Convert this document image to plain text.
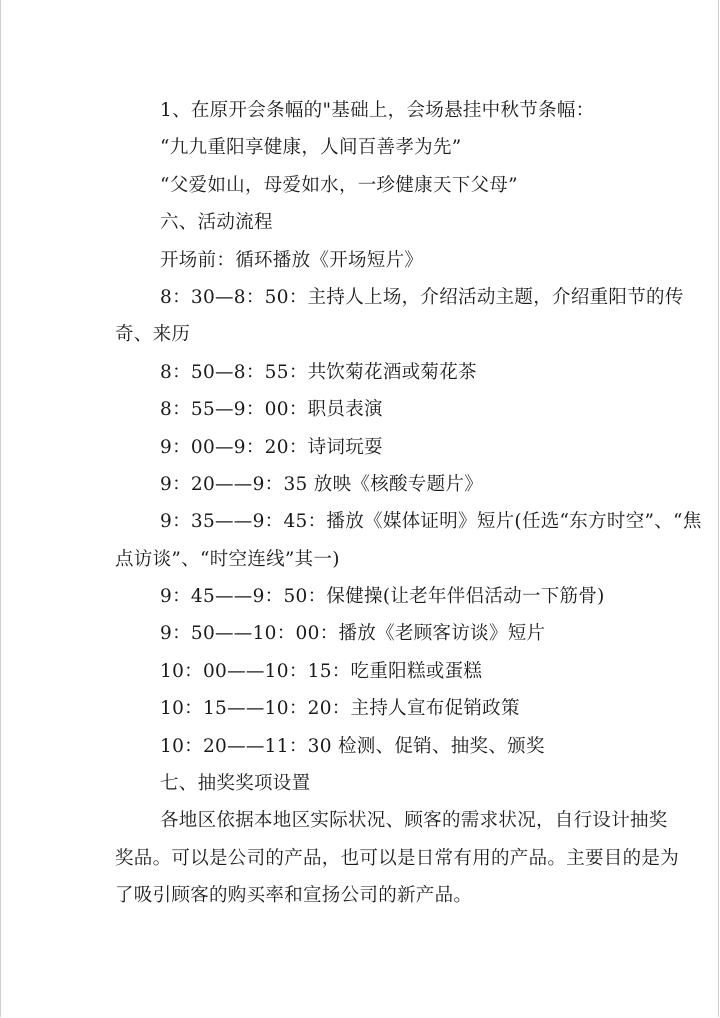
1、在原开会条幅的"基础上，会场悬挂中秋节条幅：
“九九重阳享健康，人间百善孝为先”
“父爱如山，母爱如水，一珍健康天下父母”
六、活动流程
开场前：循环播放《开场短片》
8：30—8：50：主持人上场，介绍活动主题，介绍重阳节的传
奇、来历
8：50—8：55：共饮菊花酒或菊花茶
8：55—9：00：职员表演
9：00—9：20：诗词玩耍
9：20——9：35 放映《核酸专题片》
9：35——9：45：播放《媒体证明》短片(任选“东方时空”、“焦
点访谈”、“时空连线”其一)
9：45——9：50：保健操(让老年伴侣活动一下筋骨)
9：50——10：00：播放《老顾客访谈》短片
10：00——10：15：吃重阳糕或蛋糕
10：15——10：20：主持人宣布促销政策
10：20——11：30 检测、促销、抽奖、颁奖
七、抽奖奖项设置
各地区依据本地区实际状况、顾客的需求状况，自行设计抽奖
奖品。可以是公司的产品，也可以是日常有用的产品。主要目的是为
了吸引顾客的购买率和宣扬公司的新产品。
